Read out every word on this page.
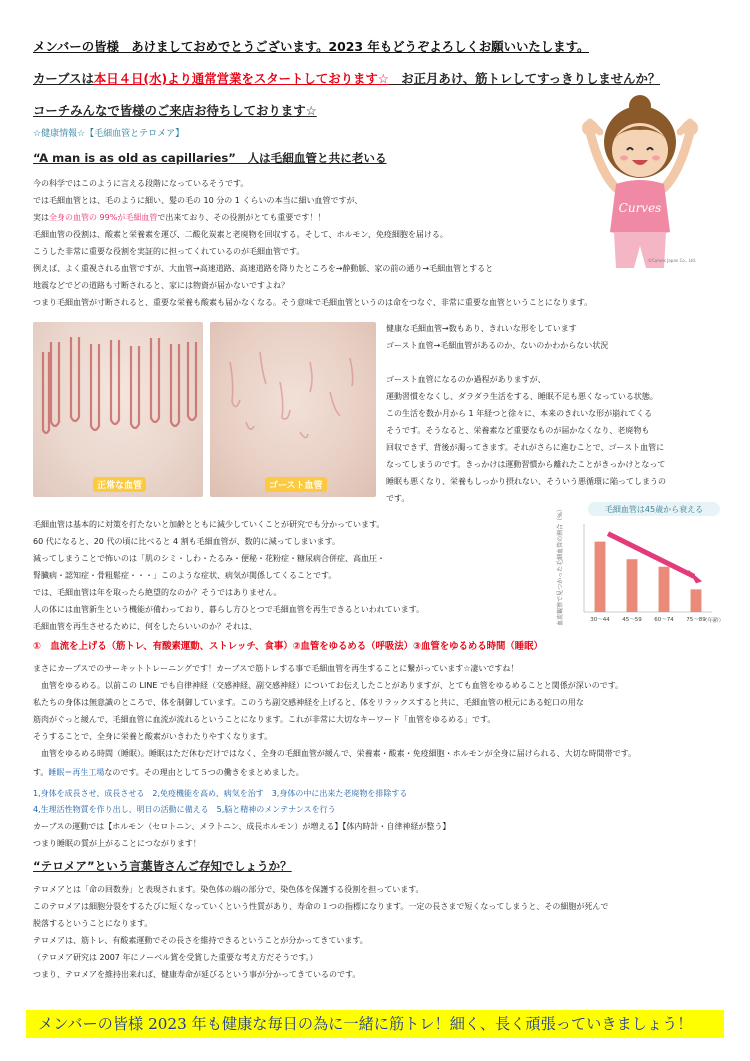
メンバーの皆様　あけましておめでとうございます。2023 年もどうぞよろしくお願いいたします。
カーブスは本日４日(水)より通常営業をスタートしております☆　お正月あけ、筋トレしてすっきりしませんか？
コーチみんなで皆様のご来店お待ちしております☆
☆健康情報☆【毛細血管とテロメア】
“A man is as old as capillaries”　人は毛細血管と共に老いる
今の科学ではこのように言える段階になっているそうです。
では毛細血管とは、毛のように細い、髪の毛の 10 分の 1 くらいの本当に細い血管ですが、
実は全身の血管の 99%が毛細血管で出来ており、その役割がとても重要です！！
毛細血管の役割は、酸素と栄養素を運び、二酸化炭素と老廃物を回収する。そして、ホルモン、免疫細胞を届ける。
こうした非常に重要な役割を実証的に担ってくれているのが毛細血管です。
例えば、よく重視される血管ですが、大血管→高速道路、高速道路を降りたところを→静動脈、家の前の通り→毛細血管とすると
地震などでどの道路も寸断されると、家には物資が届かないですよね？
つまり毛細血管が寸断されると、重要な栄養も酸素も届かなくなる。そう意味で毛細血管というのは命をつなぐ、非常に重要な血管ということになります。
Curves
©Curves Japan Co., Ltd.
正常な血管	ゴースト血管
健康な毛細血管→数もあり、きれいな形をしています
ゴースト血管→毛細血管があるのか、ないのかわからない状況
ゴースト血管になるのか過程がありますが、
運動習慣をなくし、ダラダラ生活をする、睡眠不足も悪くなっている状態。
この生活を数か月から 1 年経つと徐々に、本来のきれいな形が崩れてくる
そうです。そうなると、栄養素など重要なものが届かなくなり、老廃物も
回収できず、背後が濁ってきます。それがさらに進むことで、ゴースト血管に
なってしまうのです。きっかけは運動習慣から離れたことがきっかけとなって
睡眠も悪くなり、栄養もしっかり摂れない、そういう悪循環に陥ってしまうの
です。
毛細血管は基本的に対策を打たないと加齢とともに減少していくことが研究でも分かっています。
60 代になると、20 代の頃に比べると 4 割も毛細血管が、数的に減ってしまいます。
減ってしまうことで怖いのは「肌のシミ・しわ・たるみ・便秘・花粉症・糖尿病合併症、高血圧・
腎臓病・認知症・骨粗鬆症・・・」このような症状、病気が関係してくることです。
では、毛細血管は年を取ったら絶望的なのか？そうではありません。
人の体には血管新生という機能が備わっており、暮らし方ひとつで毛細血管を再生できるといわれています。
毛細血管を再生させるために、何をしたらいいのか？それは、
毛細血管は45歳から衰える
血流観察で見つかった毛細血管の割合（%）	30〜44 45〜59 60〜74 75〜89
（年齢）
①　血流を上げる（筋トレ、有酸素運動、ストレッチ、食事）②血管をゆるめる（呼吸法）③血管をゆるめる時間（睡眠）
まさにカーブスでのサーキットトレーニングです！カーブスで筋トレする事で毛細血管を再生することに繋がっています☆凄いですね！
　血管をゆるめる。以前この LINE でも自律神経（交感神経、副交感神経）についてお伝えしたことがありますが、とても血管をゆるめることと関係が深いのです。
私たちの身体は無意識のところで、体を制御しています。このうち副交感神経を上げると、体をリラックスすると共に、毛細血管の根元にある蛇口の用な
筋肉がぐっと緩んで、毛細血管に血流が流れるということになります。これが非常に大切なキーワード「血管をゆるめる」です。
そうすることで、全身に栄養と酸素がいきわたりやすくなります。
　血管をゆるめる時間（睡眠）。睡眠はただ休むだけではなく、全身の毛細血管が緩んで、栄養素・酸素・免疫細胞・ホルモンが全身に届けられる、大切な時間帯です。
す。睡眠＝再生工場なのです。その理由として５つの働きをまとめました。
1,身体を成長させ、成長させる　2,免疫機能を高め、病気を治す　3,身体の中に出来た老廃物を排除する
4,生理活性物質を作り出し、明日の活動に備える　5,脳と精神のメンテナンスを行う
カーブスの運動では【ホルモン（セロトニン、メラトニン、成長ホルモン）が増える】【体内時計・自律神経が整う】
つまり睡眠の質が上がることにつながります！
“テロメア”という言葉皆さんご存知でしょうか？
テロメアとは「命の回数券」と表現されます。染色体の端の部分で、染色体を保護する役割を担っています。
このテロメアは細胞分裂をするたびに短くなっていくという性質があり、寿命の１つの指標になります。一定の長さまで短くなってしまうと、その細胞が死んで
脱落するということになります。
テロメアは、筋トレ、有酸素運動でその長さを維持できるということが分かってきています。
（テロメア研究は 2007 年にノーベル賞を受賞した重要な考え方だそうです。）
つまり、テロメアを維持出来れば、健康寿命が延びるという事が分かってきているのです。
メンバーの皆様 2023 年も健康な毎日の為に一緒に筋トレ！細く、長く頑張っていきましょう！
